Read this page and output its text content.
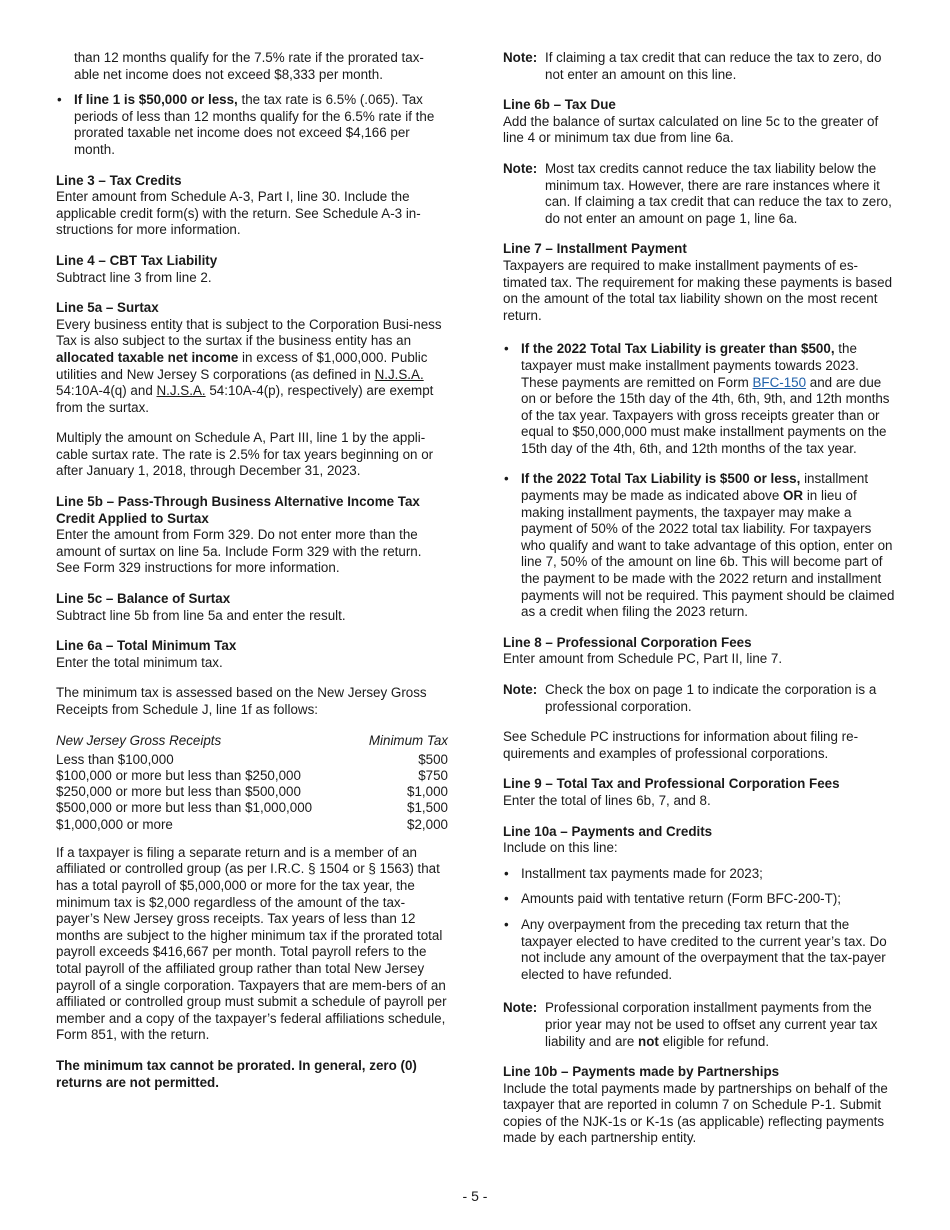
than 12 months qualify for the 7.5% rate if the prorated tax-able net income does not exceed $8,333 per month.

• If line 1 is $50,000 or less, the tax rate is 6.5% (.065). Tax periods of less than 12 months qualify for the 6.5% rate if the prorated taxable net income does not exceed $4,166 per month.

Line 3 – Tax Credits
Enter amount from Schedule A-3, Part I, line 30. Include the applicable credit form(s) with the return. See Schedule A-3 in-structions for more information.

Line 4 – CBT Tax Liability
Subtract line 3 from line 2.

Line 5a – Surtax
Every business entity that is subject to the Corporation Busi-ness Tax is also subject to the surtax if the business entity has an allocated taxable net income in excess of $1,000,000. Public utilities and New Jersey S corporations (as defined in N.J.S.A. 54:10A-4(q) and N.J.S.A. 54:10A-4(p), respectively) are exempt from the surtax.

Multiply the amount on Schedule A, Part III, line 1 by the appli-cable surtax rate. The rate is 2.5% for tax years beginning on or after January 1, 2018, through December 31, 2023.

Line 5b – Pass-Through Business Alternative Income Tax Credit Applied to Surtax
Enter the amount from Form 329. Do not enter more than the amount of surtax on line 5a. Include Form 329 with the return. See Form 329 instructions for more information.

Line 5c – Balance of Surtax
Subtract line 5b from line 5a and enter the result.

Line 6a – Total Minimum Tax
Enter the total minimum tax.

The minimum tax is assessed based on the New Jersey Gross Receipts from Schedule J, line 1f as follows:

New Jersey Gross Receipts	Minimum Tax
Less than $100,000	$500
$100,000 or more but less than $250,000	$750
$250,000 or more but less than $500,000	$1,000
$500,000 or more but less than $1,000,000	$1,500
$1,000,000 or more	$2,000

If a taxpayer is filing a separate return and is a member of an affiliated or controlled group (as per I.R.C. § 1504 or § 1563) that has a total payroll of $5,000,000 or more for the tax year, the minimum tax is $2,000 regardless of the amount of the tax-payer’s New Jersey gross receipts. Tax years of less than 12 months are subject to the higher minimum tax if the prorated total payroll exceeds $416,667 per month. Total payroll refers to the total payroll of the affiliated group rather than total New Jersey payroll of a single corporation. Taxpayers that are mem-bers of an affiliated or controlled group must submit a schedule of payroll per member and a copy of the taxpayer’s federal affiliations schedule, Form 851, with the return.

The minimum tax cannot be prorated. In general, zero (0) returns are not permitted.

Note: If claiming a tax credit that can reduce the tax to zero, do not enter an amount on this line.

Line 6b – Tax Due
Add the balance of surtax calculated on line 5c to the greater of line 4 or minimum tax due from line 6a.

Note: Most tax credits cannot reduce the tax liability below the minimum tax. However, there are rare instances where it can. If claiming a tax credit that can reduce the tax to zero, do not enter an amount on page 1, line 6a.

Line 7 – Installment Payment
Taxpayers are required to make installment payments of es-timated tax. The requirement for making these payments is based on the amount of the total tax liability shown on the most recent return.

• If the 2022 Total Tax Liability is greater than $500, the taxpayer must make installment payments towards 2023. These payments are remitted on Form BFC-150 and are due on or before the 15th day of the 4th, 6th, 9th, and 12th months of the tax year. Taxpayers with gross receipts greater than or equal to $50,000,000 must make installment payments on the 15th day of the 4th, 6th, and 12th months of the tax year.
• If the 2022 Total Tax Liability is $500 or less, installment payments may be made as indicated above OR in lieu of making installment payments, the taxpayer may make a payment of 50% of the 2022 total tax liability. For taxpayers who qualify and want to take advantage of this option, enter on line 7, 50% of the amount on line 6b. This will become part of the payment to be made with the 2022 return and installment payments will not be required. This payment should be claimed as a credit when filing the 2023 return.

Line 8 – Professional Corporation Fees
Enter amount from Schedule PC, Part II, line 7.

Note: Check the box on page 1 to indicate the corporation is a professional corporation.

See Schedule PC instructions for information about filing re-quirements and examples of professional corporations.

Line 9 – Total Tax and Professional Corporation Fees
Enter the total of lines 6b, 7, and 8.

Line 10a – Payments and Credits
Include on this line:

• Installment tax payments made for 2023;
• Amounts paid with tentative return (Form BFC-200-T);
• Any overpayment from the preceding tax return that the taxpayer elected to have credited to the current year’s tax. Do not include any amount of the overpayment that the tax-payer elected to have refunded.
Note: Professional corporation installment payments from the prior year may not be used to offset any current year tax liability and are not eligible for refund.

Line 10b – Payments made by Partnerships
Include the total payments made by partnerships on behalf of the taxpayer that are reported in column 7 on Schedule P-1. Submit copies of the NJK-1s or K-1s (as applicable) reflecting payments made by each partnership entity.

- 5 -
